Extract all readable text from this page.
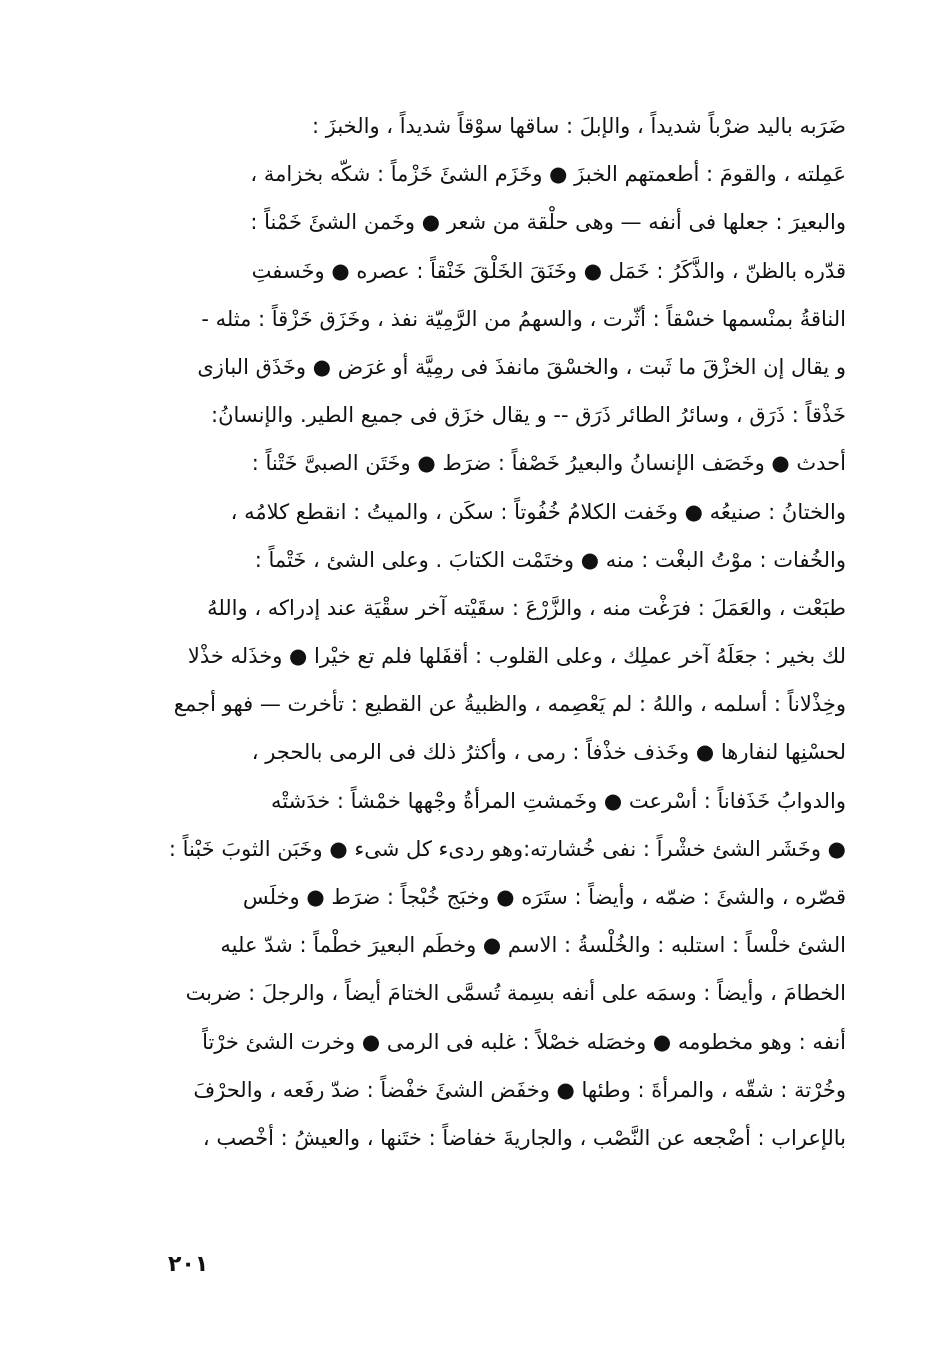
ضَرَبه باليد ضرْباً شديداً ، والإبلَ : ساقها سوْقاً شديداً ، والخبزَ :
عَمِلته ، والقومَ : أطعمتهم الخبزَ ● وخَزَم الشئَ خَزْماً : شكّه بخزامة ،
والبعيرَ : جعلها فى أنفه — وهى حلْقة من شعر ● وخَمن الشئَ خَمْناً :
قدّره بالظنّ ، والذَّكَرُ : خَمَل ● وخَنَقَ الخَلْقَ خَنْقاً : عصره ● وخَسفتِ
الناقةُ بمنْسمها خسْقاً : أثّرت ، والسهمُ من الرَّمِيّة نفذ ، وخَزَق خَزْقاً : مثله -
و يقال إن الخزْقَ ما ثَبت ، والخسْقَ مانفذَ فى رمِيَّة أو غرَض ● وخَذَق البازى
خَذْقاً : ذَرَق ، وسائرُ الطائر ذَرَق -- و يقال خزَق فى جميع الطير. والإنسانُ:
أحدث ● وخَصَف الإنسانُ والبعيرُ خَصْفاً : ضرَط ● وخَتَن الصبىَّ خَتْناً :
والختانُ : صنيعُه ● وخَفت الكلامُ خُفُوتاً : سكَن ، والميتُ : انقطع كلامُه ،
والخُفات : موْتُ البغْت : منه ● وختَمْت الكتابَ . وعلى الشئ ، خَتْماً :
طبَعْت ، والعَمَلَ : فرَغْت منه ، والزَّرْعَ : سقَيْته آخر سقْيَة عند إدراكه ، واللهُ
لك بخير : جعَلَهُ آخر عملِك ، وعلى القلوب : أقفَلها فلم تع خيْرا ● وخذَله خذْلا
وخِذْلاناً : أسلمه ، واللهُ : لم يَعْصِمه ، والظبيةُ عن القطيع : تأخرت — فهو أجمع
لحسْنِها لنفارها ● وخَذف خذْفاً : رمى ، وأكثرُ ذلك فى الرمى بالحجر ،
والدوابُ خَذَفاناً : أسْرعت ● وخَمشتِ المرأةُ وجْهها خمْشاً : خدَشتْه
● وخَشَر الشئ خشْراً : نفى خُشارته:وهو ردىء كل شىء ● وخَبَن الثوبَ خَبْناً :
قصّره ، والشئَ : ضمّه ، وأيضاً : ستَرَه ● وخبَج خُبْجاً : ضرَط ● وخلَس
الشئ خلْساً : استلبه : والخُلْسةُ : الاسم ● وخطَم البعيرَ خطْماً : شدّ عليه
الخطامَ ، وأيضاً : وسمَه على أنفه بسِمة تُسمَّى الختامَ أيضاً ، والرجلَ : ضربت
أنفه : وهو مخطومه ● وخصَله خصْلاً : غلبه فى الرمى ● وخرت الشئ خرْتاً
وخُرْتة : شقّه ، والمرأةَ : وطئها ● وخفَض الشئَ خفْضاً : ضدّ رفَعه ، والحرْفَ
بالإعراب : أضْجعه عن النَّصْب ، والجاريةَ خفاضاً : ختَنها ، والعيشُ : أخْصب ،
٢٠١
